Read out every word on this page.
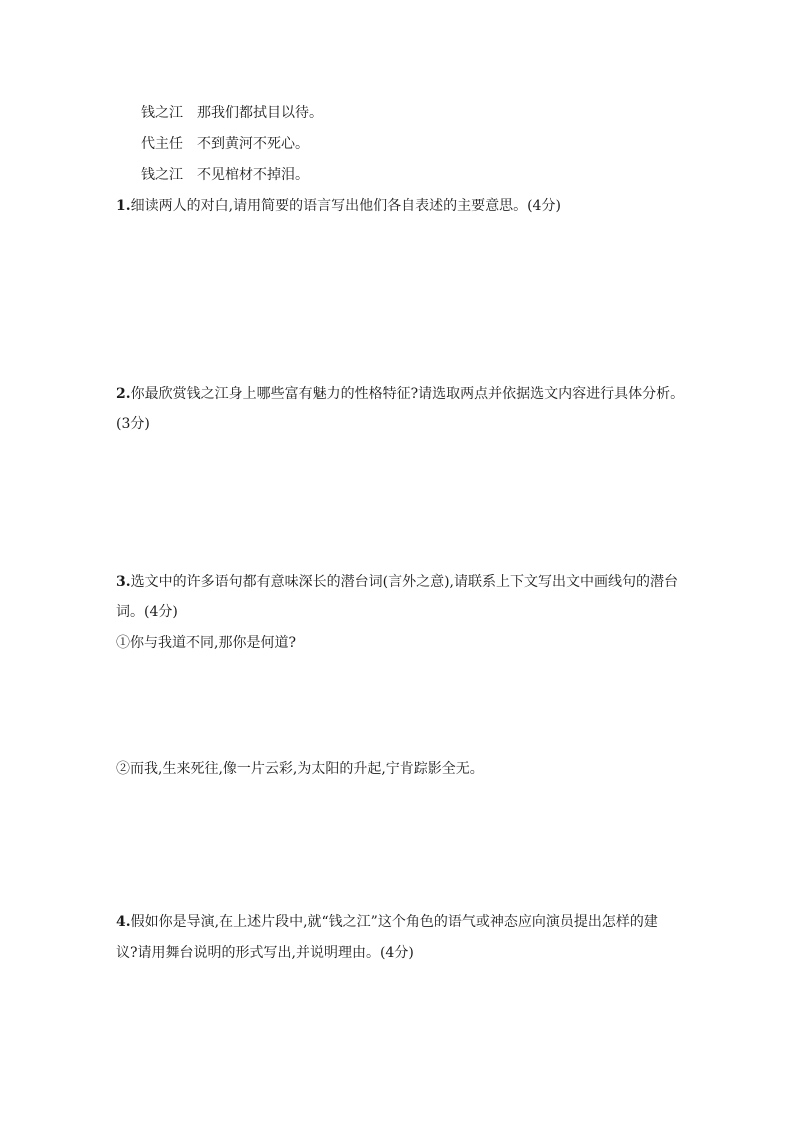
钱之江 那我们都拭目以待。
代主任 不到黄河不死心。
钱之江 不见棺材不掉泪。
1.细读两人的对白,请用简要的语言写出他们各自表述的主要意思。(4分)
2.你最欣赏钱之江身上哪些富有魅力的性格特征?请选取两点并依据选文内容进行具体分析。
(3分)
3.选文中的许多语句都有意味深长的潜台词(言外之意),请联系上下文写出文中画线句的潜台
词。(4分)
①你与我道不同,那你是何道?
②而我,生来死往,像一片云彩,为太阳的升起,宁肯踪影全无。
4.假如你是导演,在上述片段中,就“钱之江”这个角色的语气或神态应向演员提出怎样的建
议?请用舞台说明的形式写出,并说明理由。(4分)
